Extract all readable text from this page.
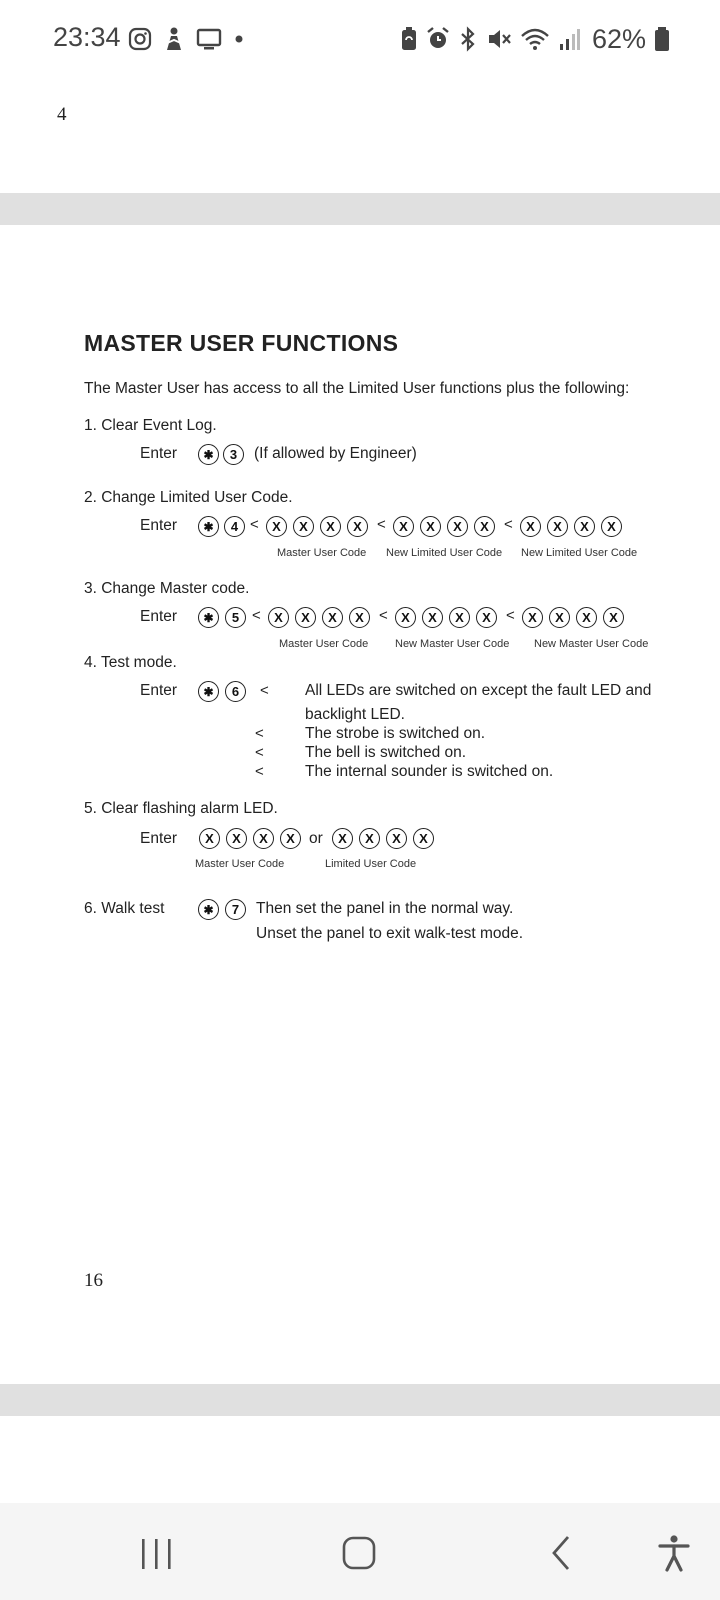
23:34	62%
4
MASTER USER FUNCTIONS
The Master User has access to all the Limited User functions plus the following:
1. Clear Event Log.
Enter	✱	3	(If allowed by Engineer)
2. Change Limited User Code.
Enter	✱	4 <	X	X	X	X	<	X	X	X	X	<	X	X	X	X
Master User Code New Limited User Code New Limited User Code
3. Change Master code.
Enter	✱	5 <	X	X	X	X	<	X	X	X	X	<	X	X	X	X
Master User Code New Master User Code New Master User Code
4. Test mode.
Enter	✱	6	< All LEDs are switched on except the fault LED and
backlight LED.
<	The strobe is switched on.
<	The bell is switched on.
<	The internal sounder is switched on.
5. Clear flashing alarm LED.
Enter	X	X	X	X or	X	X	X	X
Master User Code	Limited User Code
6. Walk test	✱	7	Then set the panel in the normal way.
Unset the panel to exit walk-test mode.
16
